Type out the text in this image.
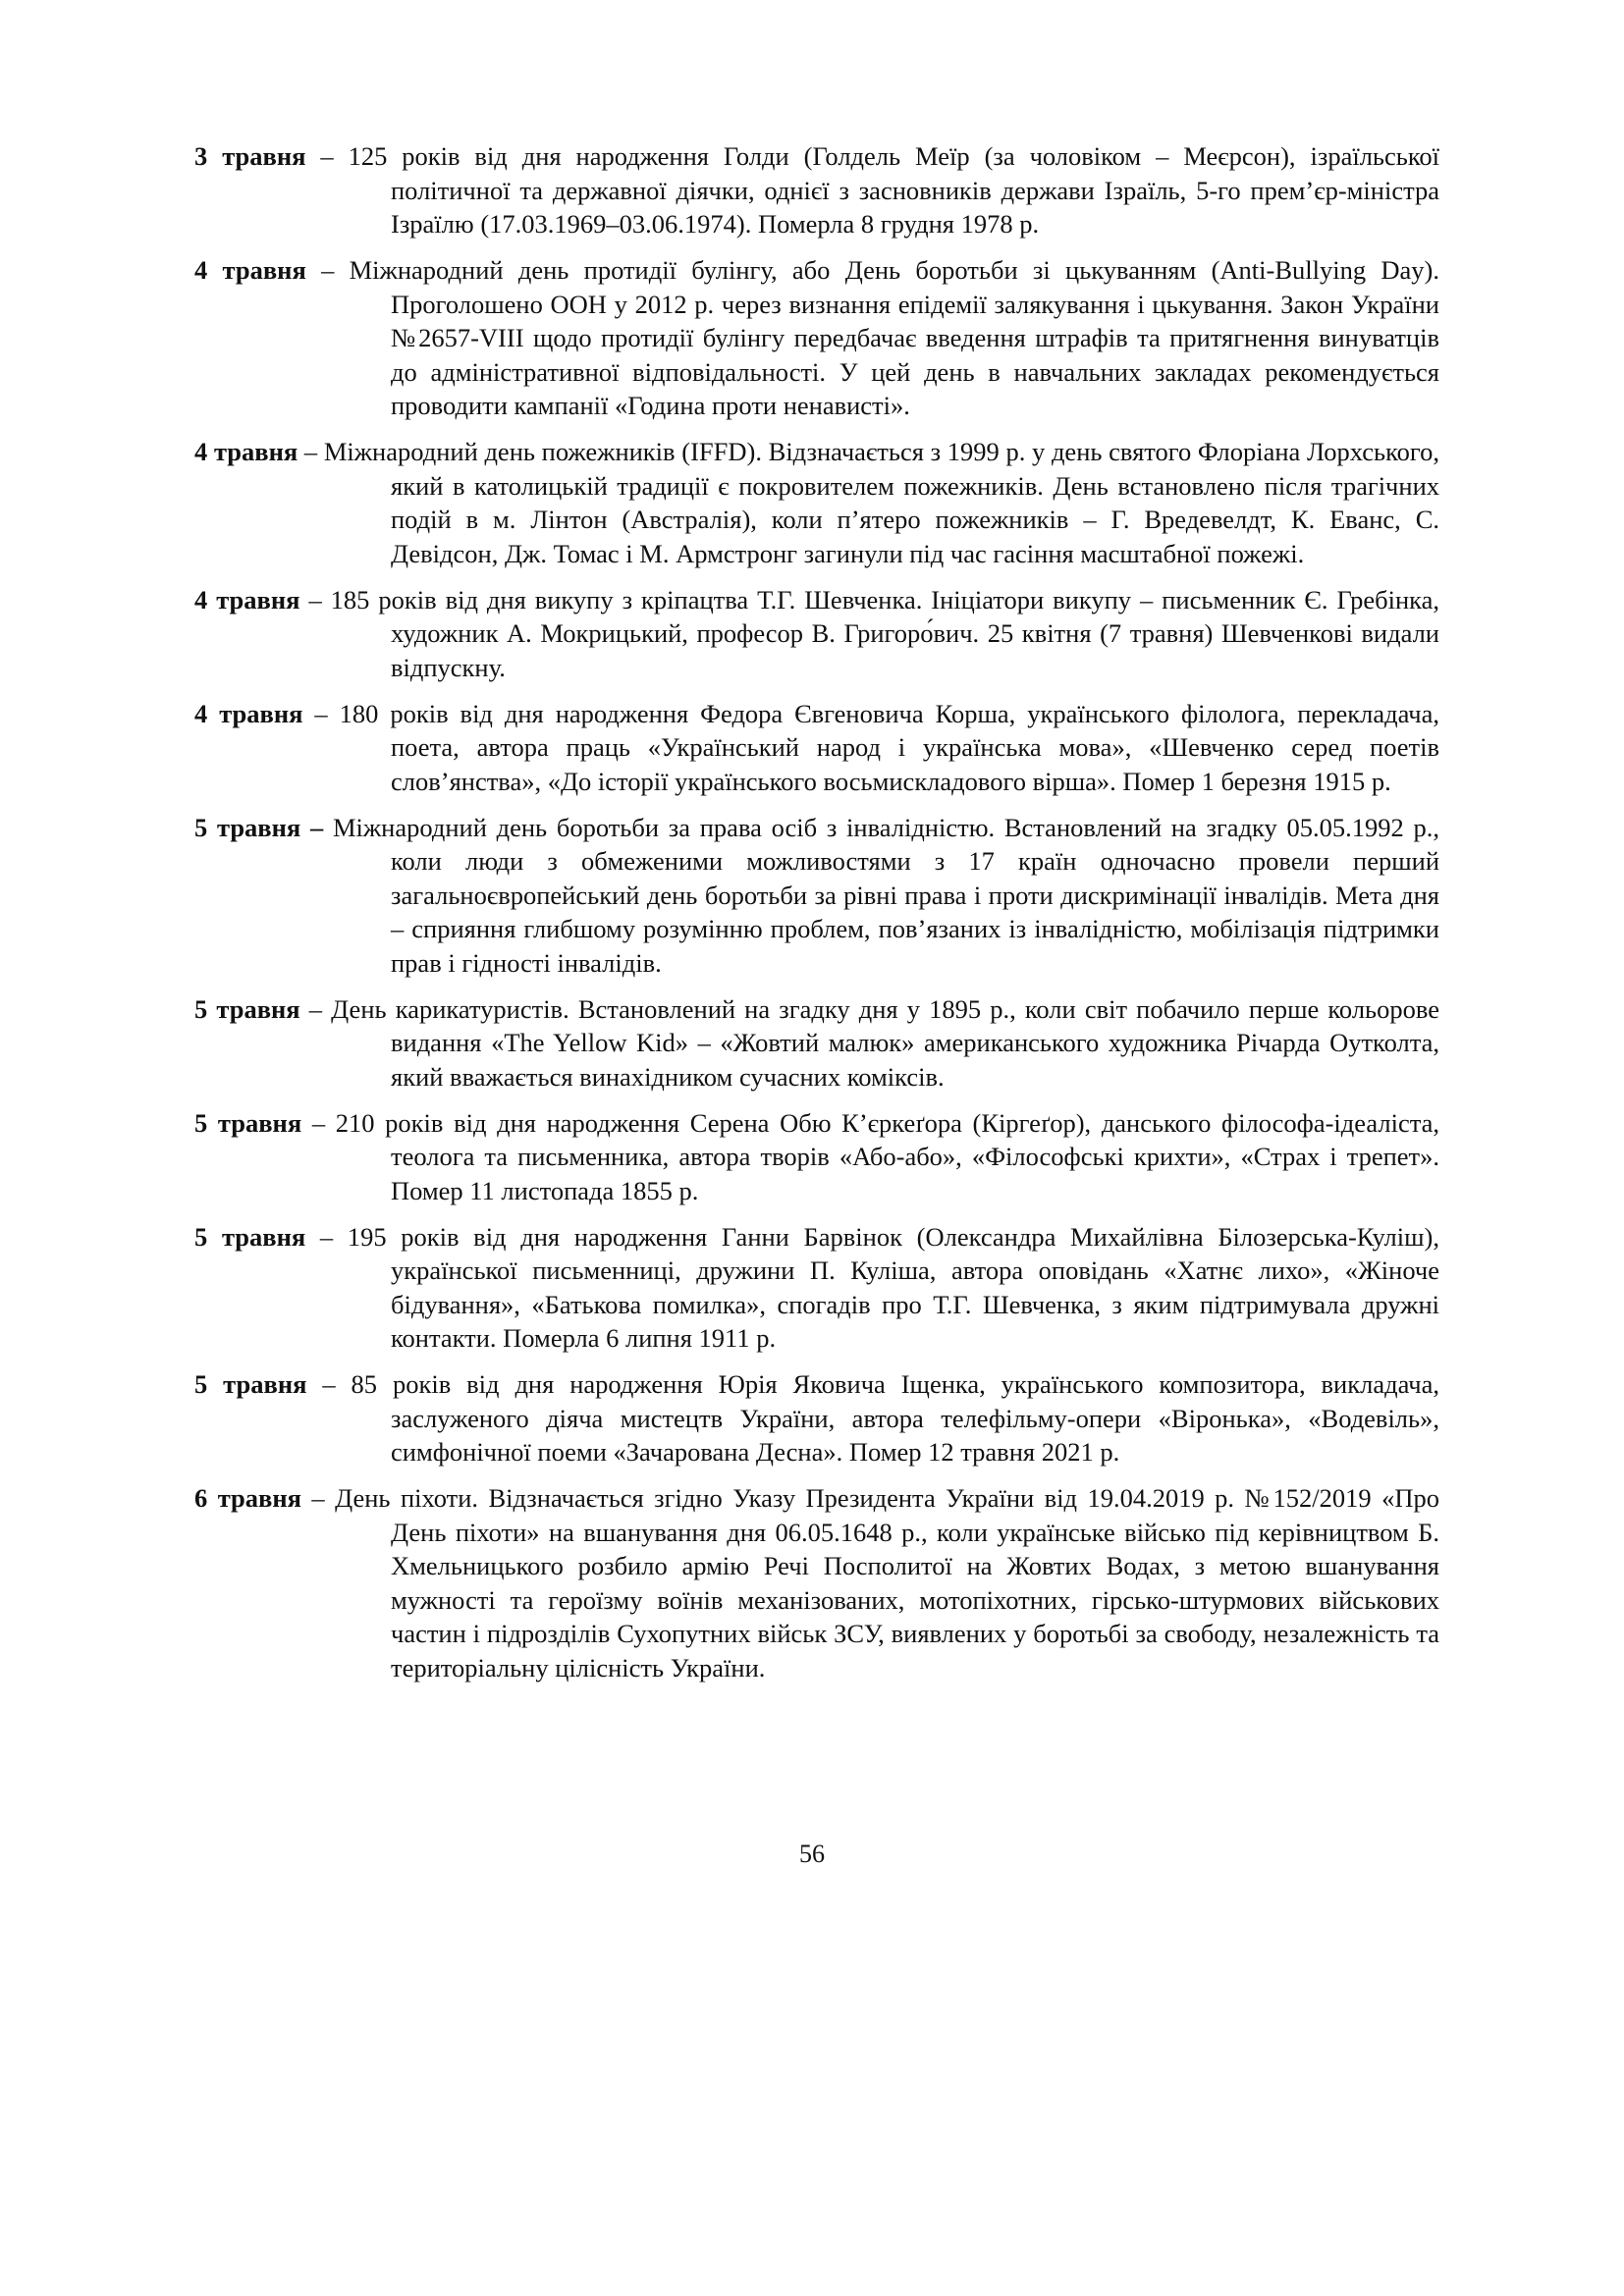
3 травня – 125 років від дня народження Голди (Голдель Меїр (за чоловіком – Меєрсон), ізраїльської політичної та державної діячки, однієї з засновників держави Ізраїль, 5-го прем’єр-міністра Ізраїлю (17.03.1969–03.06.1974). Померла 8 грудня 1978 р.

4 травня – Міжнародний день протидії булінгу, або День боротьби зі цькуванням (Anti-Bullying Day). Проголошено ООН у 2012 р. через визнання епідемії залякування і цькування. Закон України №2657-VIII щодо протидії булінгу передбачає введення штрафів та притягнення винуватців до адміністративної відповідальності. У цей день в навчальних закладах рекомендується проводити кампанії «Година проти ненависті».

4 травня – Міжнародний день пожежників (IFFD). Відзначається з 1999 р. у день святого Флоріана Лорхського, який в католицькій традиції є покровителем пожежників. День встановлено після трагічних подій в м. Лінтон (Австралія), коли п’ятеро пожежників – Г. Вредевелдт, К. Еванс, С. Девідсон, Дж. Томас і М. Армстронг загинули під час гасіння масштабної пожежі.

4 травня – 185 років від дня викупу з кріпацтва Т.Г. Шевченка. Ініціатори викупу – письменник Є. Гребінка, художник А. Мокрицький, професор В. Григоро́вич. 25 квітня (7 травня) Шевченкові видали відпускну.

4 травня – 180 років від дня народження Федора Євгеновича Корша, українського філолога, перекладача, поета, автора праць «Український народ і українська мова», «Шевченко серед поетів слов’янства», «До історії українського восьмискладового вірша». Помер 1 березня 1915 р.

5 травня – Міжнародний день боротьби за права осіб з інвалідністю. Встановлений на згадку 05.05.1992 р., коли люди з обмеженими можливостями з 17 країн одночасно провели перший загальноєвропейський день боротьби за рівні права і проти дискримінації інвалідів. Мета дня – сприяння глибшому розумінню проблем, пов’язаних із інвалідністю, мобілізація підтримки прав і гідності інвалідів.

5 травня – День карикатуристів. Встановлений на згадку дня у 1895 р., коли світ побачило перше кольорове видання «The Yellow Kid» – «Жовтий малюк» американського художника Річарда Оутколта, який вважається винахідником сучасних коміксів.

5 травня – 210 років від дня народження Серена Обю К’єркеґора (Кіргеґор), данського філософа-ідеаліста, теолога та письменника, автора творів «Або-або», «Філософські крихти», «Страх і трепет». Помер 11 листопада 1855 р.

5 травня – 195 років від дня народження Ганни Барвінок (Олександра Михайлівна Білозерська-Куліш), української письменниці, дружини П. Куліша, автора оповідань «Хатнє лихо», «Жіноче бідування», «Батькова помилка», спогадів про Т.Г. Шевченка, з яким підтримувала дружні контакти. Померла 6 липня 1911 р.

5 травня – 85 років від дня народження Юрія Яковича Іщенка, українського композитора, викладача, заслуженого діяча мистецтв України, автора телефільму-опери «Віронька», «Водевіль», симфонічної поеми «Зачарована Десна». Помер 12 травня 2021 р.

6 травня – День піхоти. Відзначається згідно Указу Президента України від 19.04.2019 р. №152/2019 «Про День піхоти» на вшанування дня 06.05.1648 р., коли українське військо під керівництвом Б. Хмельницького розбило армію Речі Посполитої на Жовтих Водах, з метою вшанування мужності та героїзму воїнів механізованих, мотопіхотних, гірсько-штурмових військових частин і підрозділів Сухопутних військ ЗСУ, виявлених у боротьбі за свободу, незалежність та територіальну цілісність України.

56
